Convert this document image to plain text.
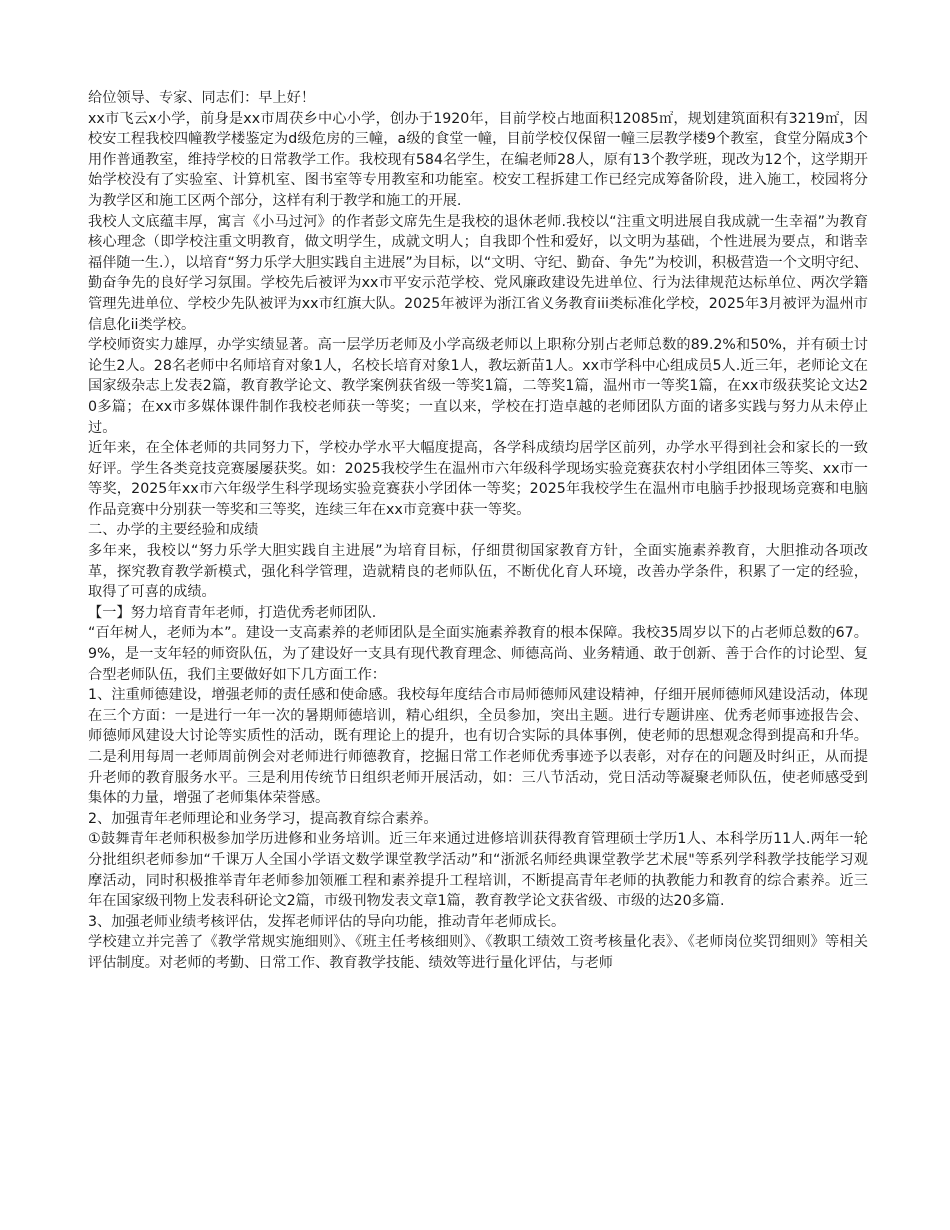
给位领导、专家、同志们：早上好！

xx市飞云x小学，前身是xx市周茯乡中心小学，创办于1920年，目前学校占地面积12085㎡，规划建筑面积有3219㎡，因校安工程我校四幢教学楼鉴定为d级危房的三幢，a级的食堂一幢，目前学校仅保留一幢三层教学楼9个教室，食堂分隔成3个用作普通教室，维持学校的日常教学工作。我校现有584名学生，在编老师28人，原有13个教学班，现改为12个，这学期开始学校没有了实验室、计算机室、图书室等专用教室和功能室。校安工程拆建工作已经完成筹备阶段，进入施工，校园将分为教学区和施工区两个部分，这样有利于教学和施工的开展.

我校人文底蕴丰厚，寓言《小马过河》的作者彭文席先生是我校的退休老师.我校以“注重文明进展自我成就一生幸福”为教育核心理念（即学校注重文明教育，做文明学生，成就文明人；自我即个性和爱好，以文明为基础，个性进展为要点，和谐幸福伴随一生.），以培育“努力乐学大胆实践自主进展”为目标，以“文明、守纪、勤奋、争先”为校训，积极营造一个文明守纪、勤奋争先的良好学习氛围。学校先后被评为xx市平安示范学校、党风廉政建设先进单位、行为法律规范达标单位、两次学籍管理先进单位、学校少先队被评为xx市红旗大队。2025年被评为浙江省义务教育iii类标准化学校，2025年3月被评为温州市信息化ii类学校。

学校师资实力雄厚，办学实绩显著。高一层学历老师及小学高级老师以上职称分别占老师总数的89.2%和50%，并有硕士讨论生2人。28名老师中名师培育对象1人，名校长培育对象1人，教坛新苗1人。xx市学科中心组成员5人.近三年，老师论文在国家级杂志上发表2篇，教育教学论文、教学案例获省级一等奖1篇，二等奖1篇，温州市一等奖1篇，在xx市级获奖论文达20多篇；在xx市多媒体课件制作我校老师获一等奖；一直以来，学校在打造卓越的老师团队方面的诸多实践与努力从未停止过。

近年来，在全体老师的共同努力下，学校办学水平大幅度提高，各学科成绩均居学区前列，办学水平得到社会和家长的一致好评。学生各类竞技竞赛屡屡获奖。如：2025我校学生在温州市六年级科学现场实验竞赛获农村小学组团体三等奖、xx市一等奖，2025年xx市六年级学生科学现场实验竞赛获小学团体一等奖；2025年我校学生在温州市电脑手抄报现场竞赛和电脑作品竞赛中分别获一等奖和三等奖，连续三年在xx市竞赛中获一等奖。

二、办学的主要经验和成绩

多年来，我校以“努力乐学大胆实践自主进展”为培育目标，仔细贯彻国家教育方针，全面实施素养教育，大胆推动各项改革，探究教育教学新模式，强化科学管理，造就精良的老师队伍，不断优化育人环境，改善办学条件，积累了一定的经验，取得了可喜的成绩。

【一】努力培育青年老师，打造优秀老师团队.

“百年树人，老师为本”。建设一支高素养的老师团队是全面实施素养教育的根本保障。我校35周岁以下的占老师总数的67。9%，是一支年轻的师资队伍，为了建设好一支具有现代教育理念、师德高尚、业务精通、敢于创新、善于合作的讨论型、复合型老师队伍，我们主要做好如下几方面工作：

1、注重师德建设，增强老师的责任感和使命感。我校每年度结合市局师德师风建设精神，仔细开展师德师风建设活动，体现在三个方面：一是进行一年一次的暑期师德培训，精心组织，全员参加，突出主题。进行专题讲座、优秀老师事迹报告会、师德师风建设大讨论等实质性的活动，既有理论上的提升，也有切合实际的具体事例，使老师的思想观念得到提高和升华。二是利用每周一老师周前例会对老师进行师德教育，挖掘日常工作老师优秀事迹予以表彰，对存在的问题及时纠正，从而提升老师的教育服务水平。三是利用传统节日组织老师开展活动，如：三八节活动，党日活动等凝聚老师队伍，使老师感受到集体的力量，增强了老师集体荣誉感。

2、加强青年老师理论和业务学习，提高教育综合素养。

①鼓舞青年老师积极参加学历进修和业务培训。近三年来通过进修培训获得教育管理硕士学历1人、本科学历11人.两年一轮分批组织老师参加“千课万人全国小学语文数学课堂教学活动”和“浙派名师经典课堂教学艺术展"等系列学科教学技能学习观摩活动，同时积极推举青年老师参加领雁工程和素养提升工程培训，不断提高青年老师的执教能力和教育的综合素养。近三年在国家级刊物上发表科研论文2篇，市级刊物发表文章1篇，教育教学论文获省级、市级的达20多篇.

3、加强老师业绩考核评估，发挥老师评估的导向功能，推动青年老师成长。

学校建立并完善了《教学常规实施细则》、《班主任考核细则》、《教职工绩效工资考核量化表》、《老师岗位奖罚细则》等相关评估制度。对老师的考勤、日常工作、教育教学技能、绩效等进行量化评估，与老师
